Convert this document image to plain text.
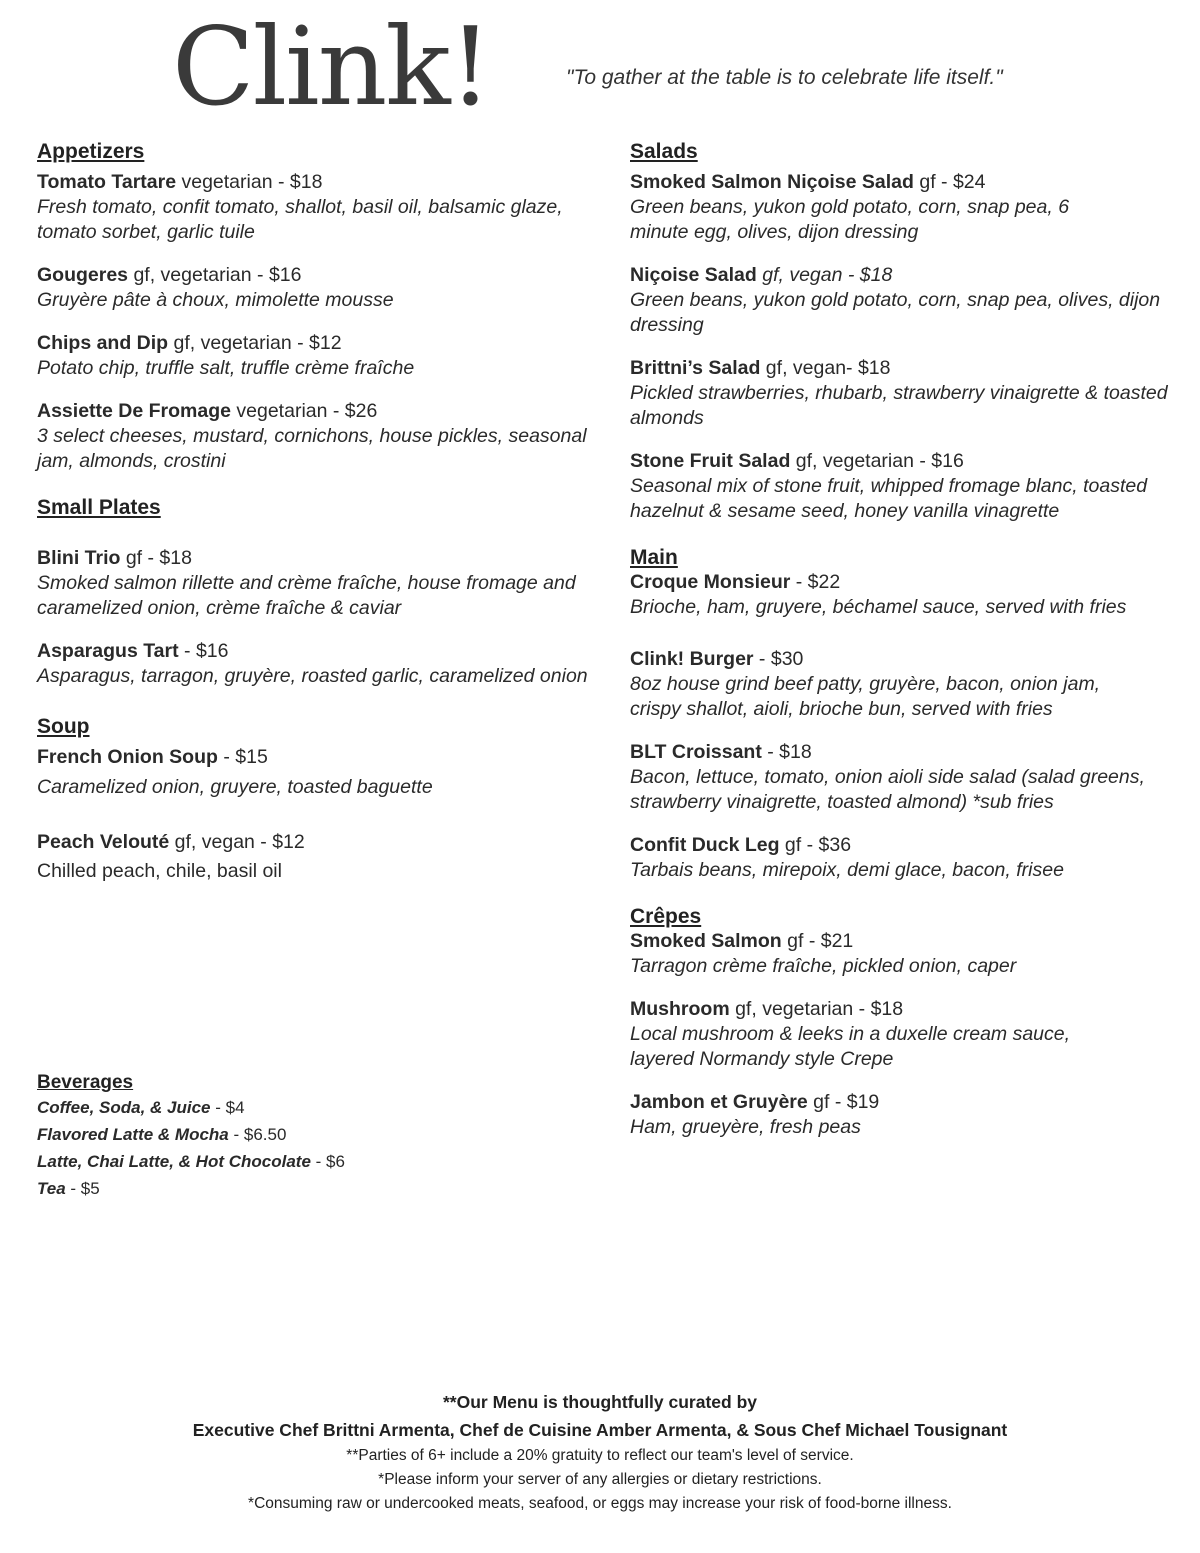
Clink!	"To gather at the table is to celebrate life itself."
Appetizers
Tomato Tartare vegetarian - $18
Fresh tomato, confit tomato, shallot, basil oil, balsamic glaze, tomato sorbet, garlic tuile
Gougeres gf, vegetarian - $16
Gruyère pâte à choux, mimolette mousse
Chips and Dip gf, vegetarian - $12
Potato chip, truffle salt, truffle crème fraîche
Assiette De Fromage vegetarian - $26
3 select cheeses, mustard, cornichons, house pickles, seasonal jam, almonds, crostini
Small Plates
Blini Trio gf - $18
Smoked salmon rillette and crème fraîche, house fromage and caramelized onion, crème fraîche & caviar
Asparagus Tart - $16
Asparagus, tarragon, gruyère, roasted garlic, caramelized onion
Soup
French Onion Soup - $15
Caramelized onion, gruyere, toasted baguette
Peach Velouté gf, vegan - $12
Chilled peach, chile, basil oil
Beverages
Coffee, Soda, & Juice - $4
Flavored Latte & Mocha - $6.50
Latte, Chai Latte, & Hot Chocolate - $6
Tea - $5
Salads
Smoked Salmon Niçoise Salad gf - $24
Green beans, yukon gold potato, corn, snap pea, 6 minute egg, olives, dijon dressing
Niçoise Salad gf, vegan - $18
Green beans, yukon gold potato, corn, snap pea, olives, dijon dressing
Brittni’s Salad gf, vegan- $18
Pickled strawberries, rhubarb, strawberry vinaigrette & toasted almonds
Stone Fruit Salad gf, vegetarian - $16
Seasonal mix of stone fruit, whipped fromage blanc, toasted hazelnut & sesame seed, honey vanilla vinagrette
Main
Croque Monsieur - $22
Brioche, ham, gruyere, béchamel sauce, served with fries
Clink! Burger - $30
8oz house grind beef patty, gruyère, bacon, onion jam, crispy shallot, aioli, brioche bun, served with fries
BLT Croissant - $18
Bacon, lettuce, tomato, onion aioli side salad (salad greens, strawberry vinaigrette, toasted almond) *sub fries
Confit Duck Leg gf - $36
Tarbais beans, mirepoix, demi glace, bacon, frisee
Crêpes
Smoked Salmon gf - $21
Tarragon crème fraîche, pickled onion, caper
Mushroom gf, vegetarian - $18
Local mushroom & leeks in a duxelle cream sauce, layered Normandy style Crepe
Jambon et Gruyère gf - $19
Ham, grueyère, fresh peas
**Our Menu is thoughtfully curated by
Executive Chef Brittni Armenta, Chef de Cuisine Amber Armenta, & Sous Chef Michael Tousignant
**Parties of 6+ include a 20% gratuity to reflect our team's level of service.
*Please inform your server of any allergies or dietary restrictions.
*Consuming raw or undercooked meats, seafood, or eggs may increase your risk of food-borne illness.
